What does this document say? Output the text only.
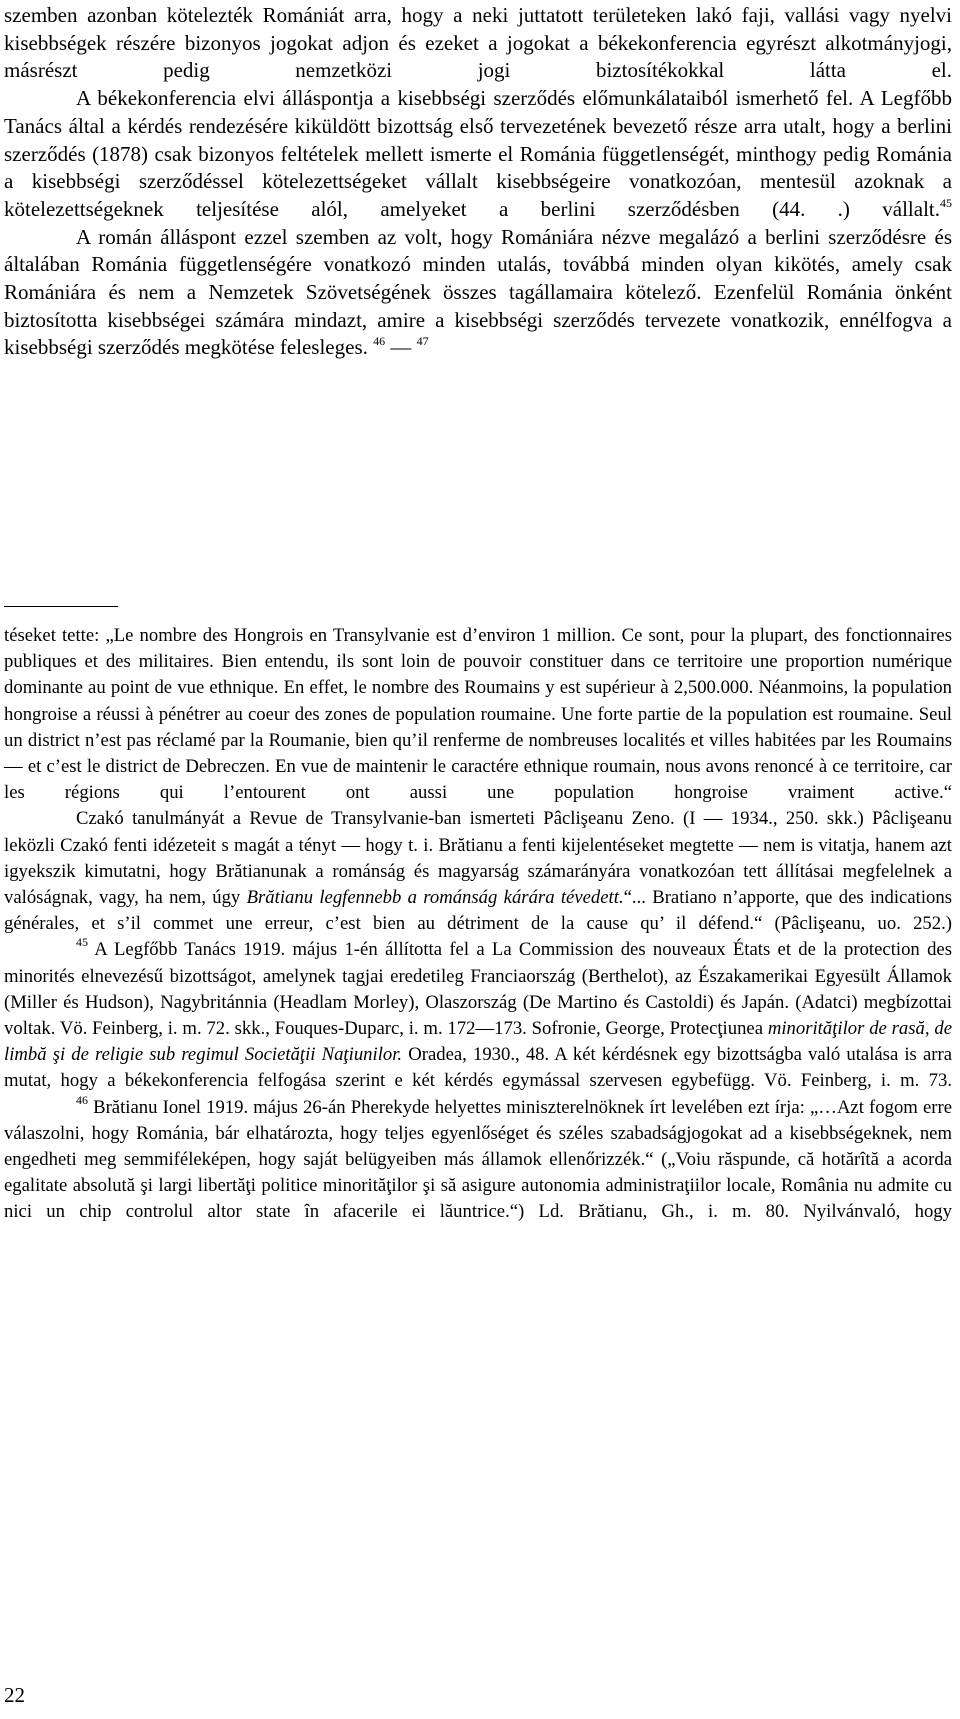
szemben azonban kötelezték Romániát arra, hogy a neki juttatott területeken lakó faji, vallási vagy nyelvi kisebbségek részére bizonyos jogokat adjon és ezeket a jogokat a békekonferencia egyrészt alkotmányjogi, másrészt pedig nemzetközi jogi biztosítékokkal látta el.

A békekonferencia elvi álláspontja a kisebbségi szerződés előmunkálataiból ismerhető fel. A Legfőbb Tanács által a kérdés rendezésére kiküldött bizottság első tervezetének bevezető része arra utalt, hogy a berlini szerződés (1878) csak bizonyos feltételek mellett ismerte el Románia függetlenségét, minthogy pedig Románia a kisebbségi szerződéssel kötelezettségeket vállalt kisebbségeire vonatkozóan, mentesül azoknak a kötelezettségeknek teljesítése alól, amelyeket a berlini szerződésben (44. .) vállalt.$^{45}$

A román álláspont ezzel szemben az volt, hogy Romániára nézve megalázó a berlini szerződésre és általában Románia függetlenségére vonatkozó minden utalás, továbbá minden olyan kikötés, amely csak Romániára és nem a Nemzetek Szövetségének összes tagállamaira kötelező. Ezenfelül Románia önként biztosította kisebbségei számára mindazt, amire a kisebbségi szerződés tervezete vonatkozik, ennélfogva a kisebbségi szerződés megkötése felesleges. $^{46}$ — $^{47}$

téseket tette: „Le nombre des Hongrois en Transylvanie est d’environ 1 million. Ce sont, pour la plupart, des fonctionnaires publiques et des militaires. Bien entendu, ils sont loin de pouvoir constituer dans ce territoire une proportion numérique dominante au point de vue ethnique. En effet, le nombre des Roumains y est supérieur à 2,500.000. Néanmoins, la population hongroise a réussi à pénétrer au coeur des zones de population roumaine. Une forte partie de la population est roumaine. Seul un district n’est pas réclamé par la Roumanie, bien qu’il renferme de nombreuses localités et villes habitées par les Roumains — et c’est le district de Debreczen. En vue de maintenir le caractére ethnique roumain, nous avons renoncé à ce territoire, car les régions qui l’entourent ont aussi une population hongroise vraiment active.“

Czakó tanulmányát a Revue de Transylvanie-ban ismerteti Pâclişeanu Zeno. (I — 1934., 250. skk.) Pâclişeanu leközli Czakó fenti idézeteit s magát a tényt — hogy t. i. Brătianu a fenti kijelentéseket megtette — nem is vitatja, hanem azt igyekszik kimutatni, hogy Brătianunak a románság és magyarság számarányára vonatkozóan tett állításai megfelelnek a valóságnak, vagy, ha nem, úgy Brătianu legfennebb a románság kárára tévedett.“... Bratiano n’apporte, que des indications générales, et s’il commet une erreur, c’est bien au détriment de la cause qu’ il défend.“ (Pâclişeanu, uo. 252.)

$^{45}$ A Legfőbb Tanács 1919. május 1-én állította fel a La Commission des nouveaux États et de la protection des minorités elnevezésű bizottságot, amelynek tagjai eredetileg Franciaország (Berthelot), az Északamerikai Egyesült Államok (Miller és Hudson), Nagybritánnia (Headlam Morley), Olaszország (De Martino és Castoldi) és Japán. (Adatci) megbízottai voltak. Vö. Feinberg, i. m. 72. skk., Fouques-Duparc, i. m. 172—173. Sofronie, George, Protecţiunea minorităţilor de rasă, de limbă şi de religie sub regimul Societăţii Naţiunilor. Oradea, 1930., 48. A két kérdésnek egy bizottságba való utalása is arra mutat, hogy a békekonferencia felfogása szerint e két kérdés egymással szervesen egybefügg. Vö. Feinberg, i. m. 73.

$^{46}$ Brătianu Ionel 1919. május 26-án Pherekyde helyettes miniszterelnöknek írt levelében ezt írja: „…Azt fogom erre válaszolni, hogy Románia, bár elhatározta, hogy teljes egyenlőséget és széles szabadságjogokat ad a kisebbségeknek, nem engedheti meg semmiféleképen, hogy saját belügyeiben más államok ellenőrizzék.“ („Voiu răspunde, că hotărîtă a acorda egalitate absolută şi largi libertăţi politice minorităţilor şi să asigure autonomia administraţiilor locale, România nu admite cu nici un chip controlul altor state în afacerile ei lăuntrice.“) Ld. Brătianu, Gh., i. m. 80. Nyilvánvaló, hogy

22
